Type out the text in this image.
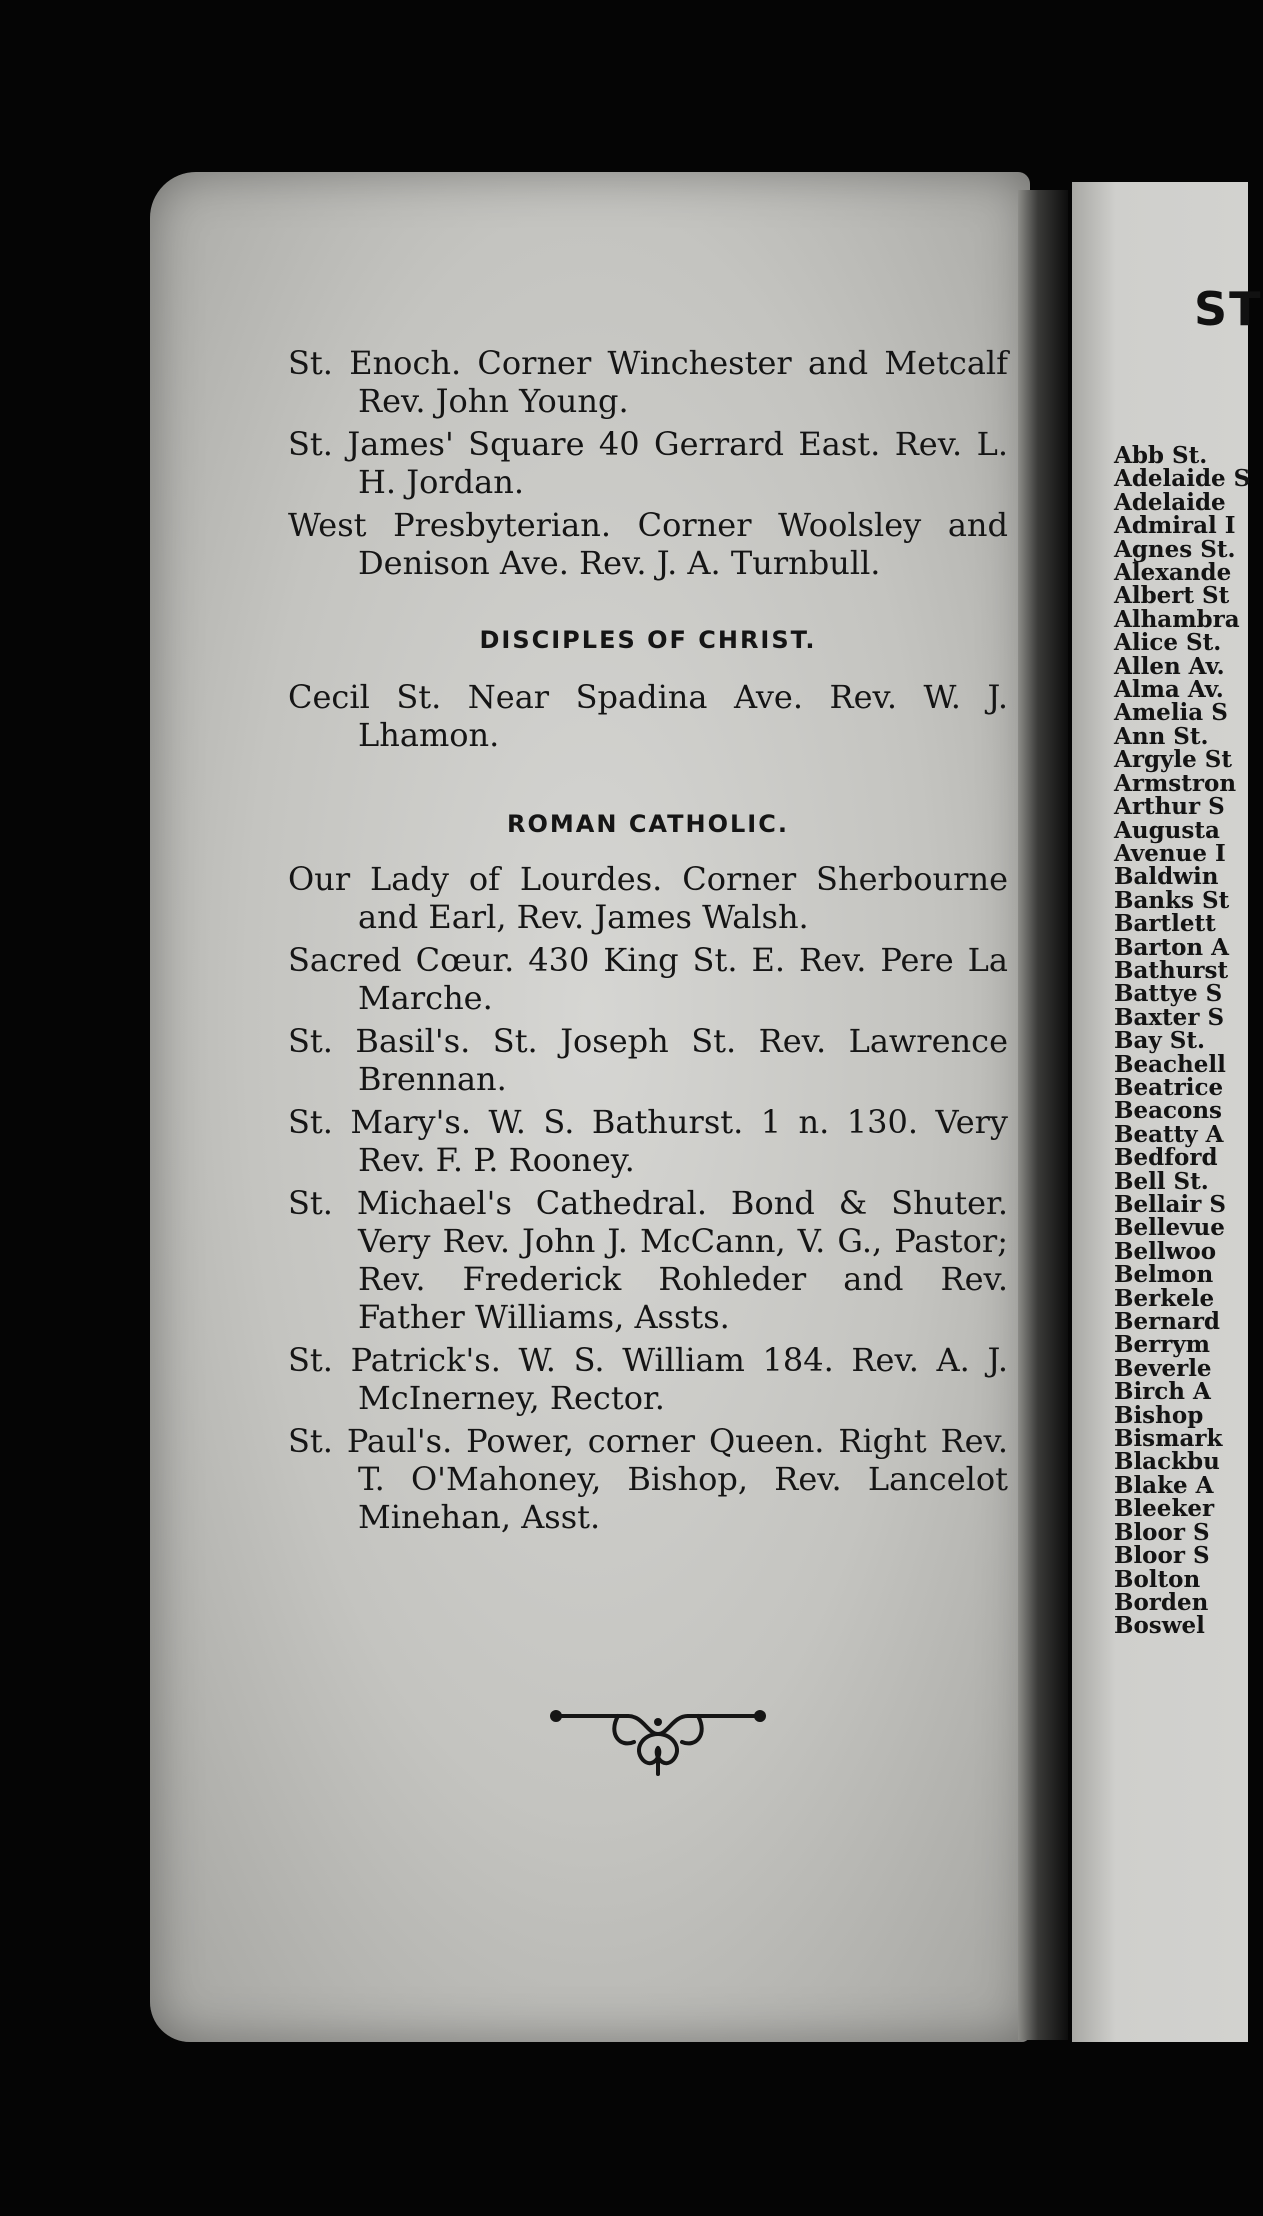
ST
Abb St.
Adelaide S
Adelaide
Admiral I
Agnes St.
Alexande
Albert St
Alhambra
Alice St.
Allen Av.
Alma Av.
Amelia S
Ann St.
Argyle St
Armstron
Arthur S
Augusta
Avenue I
Baldwin
Banks St
Bartlett
Barton A
Bathurst
Battye S
Baxter S
Bay St.
Beachell
Beatrice
Beacons
Beatty A
Bedford
Bell St.
Bellair S
Bellevue
Bellwoo
Belmon
Berkele
Bernard
Berrym
Beverle
Birch A
Bishop
Bismark
Blackbu
Blake A
Bleeker
Bloor S
Bloor S
Bolton
Borden
Boswel

St. Enoch. Corner Winchester and Metcalf Rev. John Young.

St. James' Square 40 Gerrard East. Rev. L. H. Jordan.

West Presbyterian. Corner Woolsley and Denison Ave. Rev. J. A. Turnbull.

DISCIPLES OF CHRIST.

Cecil St. Near Spadina Ave. Rev. W. J. Lhamon.

ROMAN CATHOLIC.

Our Lady of Lourdes. Corner Sherbourne and Earl, Rev. James Walsh.

Sacred Cœur. 430 King St. E. Rev. Pere La Marche.

St. Basil's. St. Joseph St. Rev. Lawrence Brennan.

St. Mary's. W. S. Bathurst. 1 n. 130. Very Rev. F. P. Rooney.

St. Michael's Cathedral. Bond & Shuter. Very Rev. John J. McCann, V. G., Pastor; Rev. Frederick Rohleder and Rev. Father Williams, Assts.

St. Patrick's. W. S. William 184. Rev. A. J. McInerney, Rector.

St. Paul's. Power, corner Queen. Right Rev. T. O'Mahoney, Bishop, Rev. Lancelot Minehan, Asst.
